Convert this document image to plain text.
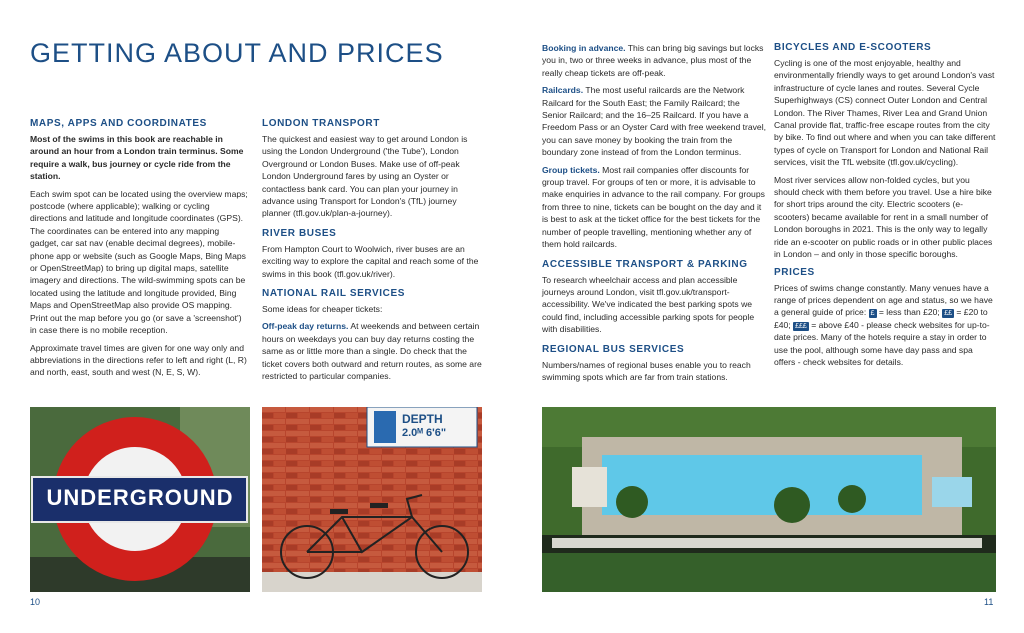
GETTING ABOUT AND PRICES
MAPS, APPS AND COORDINATES

Most of the swims in this book are reachable in around an hour from a London train terminus. Some require a walk, bus journey or cycle ride from the station.

Each swim spot can be located using the overview maps; postcode (where applicable); walking or cycling directions and latitude and longitude coordinates (GPS). The coordinates can be entered into any mapping gadget, car sat nav (enable decimal degrees), mobile-phone app or website (such as Google Maps, Bing Maps or OpenStreetMap) to bring up digital maps, satellite imagery and directions. The wild-swimming spots can be located using the latitude and longitude provided, Bing Maps and OpenStreetMap also provide OS mapping. Print out the map before you go (or save a 'screenshot') in case there is no mobile reception.

Approximate travel times are given for one way only and abbreviations in the directions refer to left and right (L, R) and north, east, south and west (N, E, S, W).

LONDON TRANSPORT

The quickest and easiest way to get around London is using the London Underground ('the Tube'), London Overground or London Buses. Make use of off-peak London Underground fares by using an Oyster or contactless bank card. You can plan your journey in advance using Transport for London's (TfL) journey planner (tfl.gov.uk/plan-a-journey).

RIVER BUSES

From Hampton Court to Woolwich, river buses are an exciting way to explore the capital and reach some of the swims in this book (tfl.gov.uk/river).

NATIONAL RAIL SERVICES

Some ideas for cheaper tickets:

Off-peak day returns. At weekends and between certain hours on weekdays you can buy day returns costing the same as or little more than a single. Do check that the ticket covers both outward and return routes, as some are restricted to particular companies.

Booking in advance. This can bring big savings but locks you in, two or three weeks in advance, plus most of the really cheap tickets are off-peak.

Railcards. The most useful railcards are the Network Railcard for the South East; the Family Railcard; the Senior Railcard; and the 16–25 Railcard. If you have a Freedom Pass or an Oyster Card with free weekend travel, you can save money by booking the train from the boundary zone instead of from the London terminus.

Group tickets. Most rail companies offer discounts for group travel. For groups of ten or more, it is advisable to make enquiries in advance to the rail company. For groups from three to nine, tickets can be bought on the day and it is best to ask at the ticket office for the best tickets for the number of people travelling, mentioning whether any of them hold railcards.

ACCESSIBLE TRANSPORT & PARKING

To research wheelchair access and plan accessible journeys around London, visit tfl.gov.uk/transport-accessibility. We've indicated the best parking spots we could find, including accessible parking spots for people with disabilities.

REGIONAL BUS SERVICES

Numbers/names of regional buses enable you to reach swimming spots which are far from train stations.

BICYCLES AND E-SCOOTERS

Cycling is one of the most enjoyable, healthy and environmentally friendly ways to get around London's vast infrastructure of cycle lanes and routes. Several Cycle Superhighways (CS) connect Outer London and Central London. The River Thames, River Lea and Grand Union Canal provide flat, traffic-free escape routes from the city by bike. To find out where and when you can take different types of cycle on Transport for London and National Rail services, visit the TfL website (tfl.gov.uk/cycling).

Most river services allow non-folded cycles, but you should check with them before you travel. Use a hire bike for short trips around the city. Electric scooters (e-scooters) became available for rent in a small number of London boroughs in 2021. This is the only way to legally ride an e-scooter on public roads or in other public places in London – and only in those specific boroughs.

PRICES

Prices of swims change constantly. Many venues have a range of prices dependent on age and status, so we have a general guide of price: £ = less than £20; ££ = £20 to £40; £££ = above £40 - please check websites for up-to-date prices. Many of the hotels require a stay in order to use the pool, although some have day pass and spa offers - check websites for details.

UNDERGROUND
DEPTH
2.0ᴹ 6'6"
10	11
